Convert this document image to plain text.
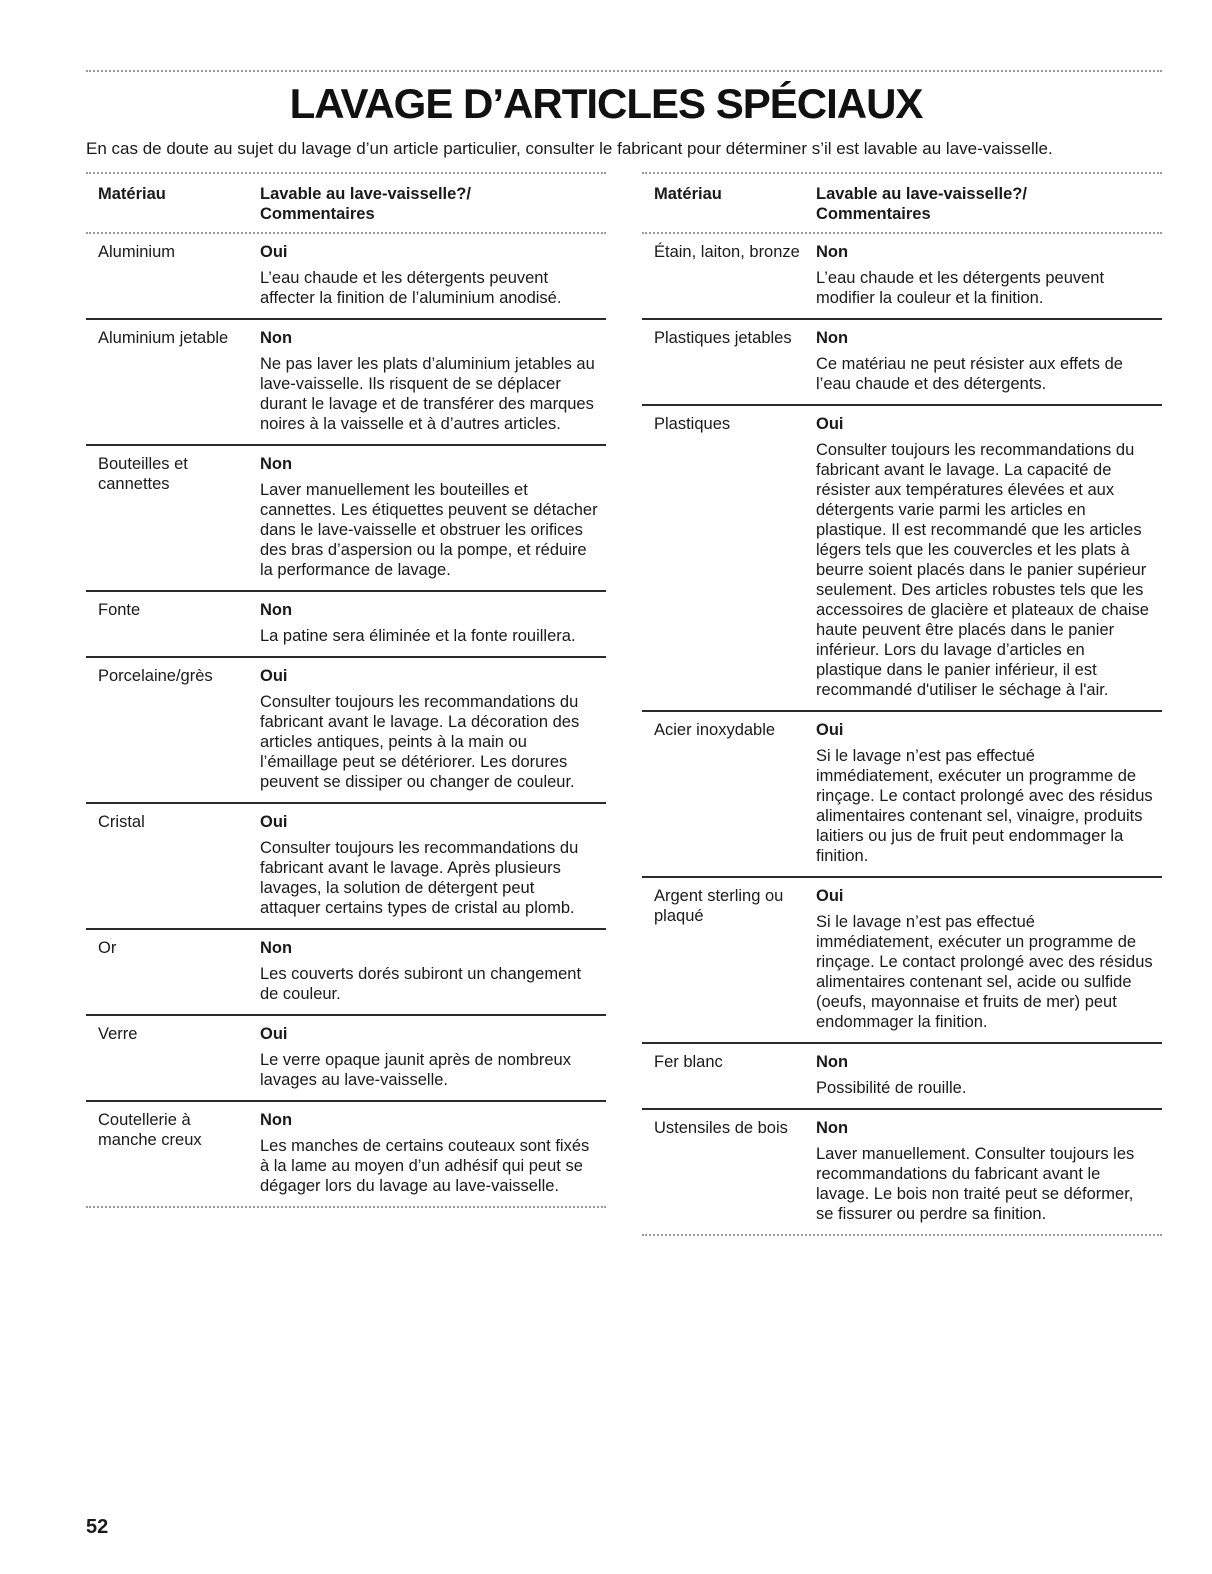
LAVAGE D’ARTICLES SPÉCIAUX

En cas de doute au sujet du lavage d’un article particulier, consulter le fabricant pour déterminer s’il est lavable au lave-vaisselle.

Matériau	Lavable au lave-vaisselle?/
Commentaires
Aluminium	Oui
L’eau chaude et les détergents peuvent affecter la finition de l’aluminium anodisé.
Aluminium jetable	Non
Ne pas laver les plats d’aluminium jetables au lave-vaisselle. Ils risquent de se déplacer durant le lavage et de transférer des marques noires à la vaisselle et à d’autres articles.
Bouteilles et cannettes
Non
Laver manuellement les bouteilles et cannettes. Les étiquettes peuvent se détacher dans le lave-vaisselle et obstruer les orifices des bras d’aspersion ou la pompe, et réduire la performance de lavage.
Fonte	Non
La patine sera éliminée et la fonte rouillera.
Porcelaine/grès	Oui
Consulter toujours les recommandations du fabricant avant le lavage. La décoration des articles antiques, peints à la main ou l’émaillage peut se détériorer. Les dorures peuvent se dissiper ou changer de couleur.
Cristal	Oui
Consulter toujours les recommandations du fabricant avant le lavage. Après plusieurs lavages, la solution de détergent peut attaquer certains types de cristal au plomb.
Or	Non
Les couverts dorés subiront un changement de couleur.
Verre	Oui
Le verre opaque jaunit après de nombreux lavages au lave-vaisselle.
Coutellerie à manche creux
Non
Les manches de certains couteaux sont fixés à la lame au moyen d’un adhésif qui peut se dégager lors du lavage au lave-vaisselle.
Matériau	Lavable au lave-vaisselle?/
Commentaires
Étain, laiton, bronze Non
L’eau chaude et les détergents peuvent modifier la couleur et la finition.
Plastiques jetables	Non
Ce matériau ne peut résister aux effets de l’eau chaude et des détergents.
Plastiques	Oui
Consulter toujours les recommandations du fabricant avant le lavage. La capacité de résister aux températures élevées et aux détergents varie parmi les articles en plastique. Il est recommandé que les articles légers tels que les couvercles et les plats à beurre soient placés dans le panier supérieur seulement. Des articles robustes tels que les accessoires de glacière et plateaux de chaise haute peuvent être placés dans le panier inférieur. Lors du lavage d’articles en plastique dans le panier inférieur, il est recommandé d'utiliser le séchage à l'air.
Acier inoxydable	Oui
Si le lavage n’est pas effectué immédiatement, exécuter un programme de rinçage. Le contact prolongé avec des résidus alimentaires contenant sel, vinaigre, produits laitiers ou jus de fruit peut endommager la finition.
Argent sterling ou plaqué
Oui
Si le lavage n’est pas effectué immédiatement, exécuter un programme de rinçage. Le contact prolongé avec des résidus alimentaires contenant sel, acide ou sulfide (oeufs, mayonnaise et fruits de mer) peut endommager la finition.
Fer blanc	Non
Possibilité de rouille.
Ustensiles de bois	Non
Laver manuellement. Consulter toujours les recommandations du fabricant avant le lavage. Le bois non traité peut se déformer, se fissurer ou perdre sa finition.
52
